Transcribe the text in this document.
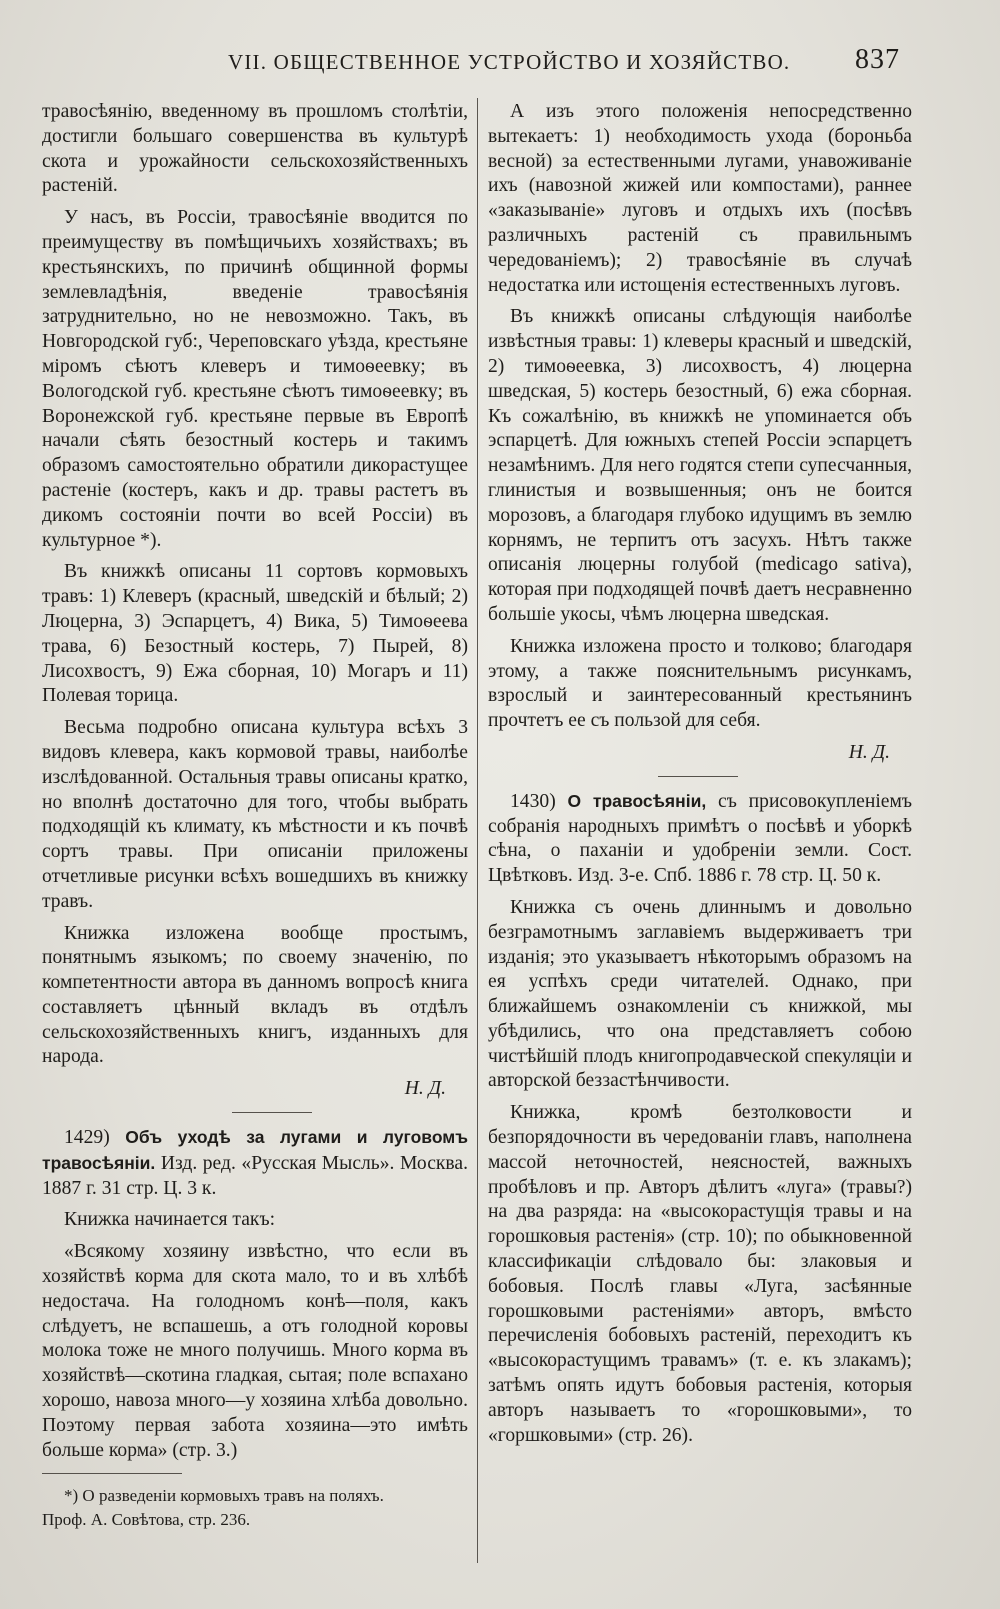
VII. ОБЩЕСТВЕННОЕ УСТРОЙСТВО И ХОЗЯЙСТВО. 837

травосѣянію, введенному въ прошломъ столѣтіи, достигли большаго совершенства въ культурѣ скота и урожайности сельскохозяйственныхъ растеній.

У насъ, въ Россіи, травосѣяніе вводится по преимуществу въ помѣщичьихъ хозяйствахъ; въ крестьянскихъ, по причинѣ общинной формы землевладѣнія, введеніе травосѣянія затруднительно, но не невозможно. Такъ, въ Новгородской губ:, Череповскаго уѣзда, крестьяне міромъ сѣютъ клеверъ и тимоѳеевку; въ Вологодской губ. крестьяне сѣютъ тимоѳеевку; въ Воронежской губ. крестьяне первые въ Европѣ начали сѣять безостный костерь и такимъ образомъ самостоятельно обратили дикорастущее растеніе (костеръ, какъ и др. травы растетъ въ дикомъ состояніи почти во всей Россіи) въ культурное *).

Въ книжкѣ описаны 11 сортовъ кормовыхъ травъ: 1) Клеверъ (красный, шведскій и бѣлый; 2) Люцерна, 3) Эспарцетъ, 4) Вика, 5) Тимоѳеева трава, 6) Безостный костерь, 7) Пырей, 8) Лисохвостъ, 9) Ежа сборная, 10) Могаръ и 11) Полевая торица.

Весьма подробно описана культура всѣхъ 3 видовъ клевера, какъ кормовой травы, наиболѣе изслѣдованной. Остальныя травы описаны кратко, но вполнѣ достаточно для того, чтобы выбрать подходящій къ климату, къ мѣстности и къ почвѣ сортъ травы. При описаніи приложены отчетливые рисунки всѣхъ вошедшихъ въ книжку травъ.

Книжка изложена вообще простымъ, понятнымъ языкомъ; по своему значенію, по компетентности автора въ данномъ вопросѣ книга составляетъ цѣнный вкладъ въ отдѣлъ сельскохозяйственныхъ книгъ, изданныхъ для народа.

Н. Д.

1429) Объ уходѣ за лугами и луговомъ травосѣяніи. Изд. ред. «Русская Мысль». Москва. 1887 г. 31 стр. Ц. 3 к.

Книжка начинается такъ:

«Всякому хозяину извѣстно, что если въ хозяйствѣ корма для скота мало, то и въ хлѣбѣ недостача. На голодномъ конѣ—поля, какъ слѣдуетъ, не вспашешь, а отъ голодной коровы молока тоже не много получишь. Много корма въ хозяйствѣ—скотина гладкая, сытая; поле вспахано хорошо, навоза много—у хозяина хлѣба довольно. Поэтому первая забота хозяина—это имѣть больше корма» (стр. 3.)

*) О разведеніи кормовыхъ травъ на поляхъ.
Проф. А. Совѣтова, стр. 236.

А изъ этого положенія непосредственно вытекаетъ: 1) необходимость ухода (бороньба весной) за естественными лугами, унавоживаніе ихъ (навозной жижей или компостами), раннее «заказываніе» луговъ и отдыхъ ихъ (посѣвъ различныхъ растеній съ правильнымъ чередованіемъ); 2) травосѣяніе въ случаѣ недостатка или истощенія естественныхъ луговъ.

Въ книжкѣ описаны слѣдующія наиболѣе извѣстныя травы: 1) клеверы красный и шведскій, 2) тимоѳеевка, 3) лисохвостъ, 4) люцерна шведская, 5) костерь безостный, 6) ежа сборная. Къ сожалѣнію, въ книжкѣ не упоминается объ эспарцетѣ. Для южныхъ степей Россіи эспарцетъ незамѣнимъ. Для него годятся степи супесчанныя, глинистыя и возвышенныя; онъ не боится морозовъ, а благодаря глубоко идущимъ въ землю корнямъ, не терпитъ отъ засухъ. Нѣтъ также описанія люцерны голубой (medicago sativa), которая при подходящей почвѣ даетъ несравненно большіе укосы, чѣмъ люцерна шведская.

Книжка изложена просто и толково; благодаря этому, а также пояснительнымъ рисункамъ, взрослый и заинтересованный крестьянинъ прочтетъ ее съ пользой для себя.

Н. Д.

1430) О травосѣяніи, съ присовокупленіемъ собранія народныхъ примѣтъ о посѣвѣ и уборкѣ сѣна, о паханіи и удобреніи земли. Сост. Цвѣтковъ. Изд. 3-е. Спб. 1886 г. 78 стр. Ц. 50 к.

Книжка съ очень длиннымъ и довольно безграмотнымъ заглавіемъ выдерживаетъ три изданія; это указываетъ нѣкоторымъ образомъ на ея успѣхъ среди читателей. Однако, при ближайшемъ ознакомленіи съ книжкой, мы убѣдились, что она представляетъ собою чистѣйшій плодъ книгопродавческой спекуляціи и авторской беззастѣнчивости.

Книжка, кромѣ безтолковости и безпорядочности въ чередованіи главъ, наполнена массой неточностей, неясностей, важныхъ пробѣловъ и пр. Авторъ дѣлитъ «луга» (травы?) на два разряда: на «высокорастущія травы и на горошковыя растенія» (стр. 10); по обыкновенной классификаціи слѣдовало бы: злаковыя и бобовыя. Послѣ главы «Луга, засѣянные горошковыми растеніями» авторъ, вмѣсто перечисленія бобовыхъ растеній, переходитъ къ «высокорастущимъ травамъ» (т. е. къ злакамъ); затѣмъ опять идутъ бобовыя растенія, которыя авторъ называетъ то «горошковыми», то «горшковыми» (стр. 26).
